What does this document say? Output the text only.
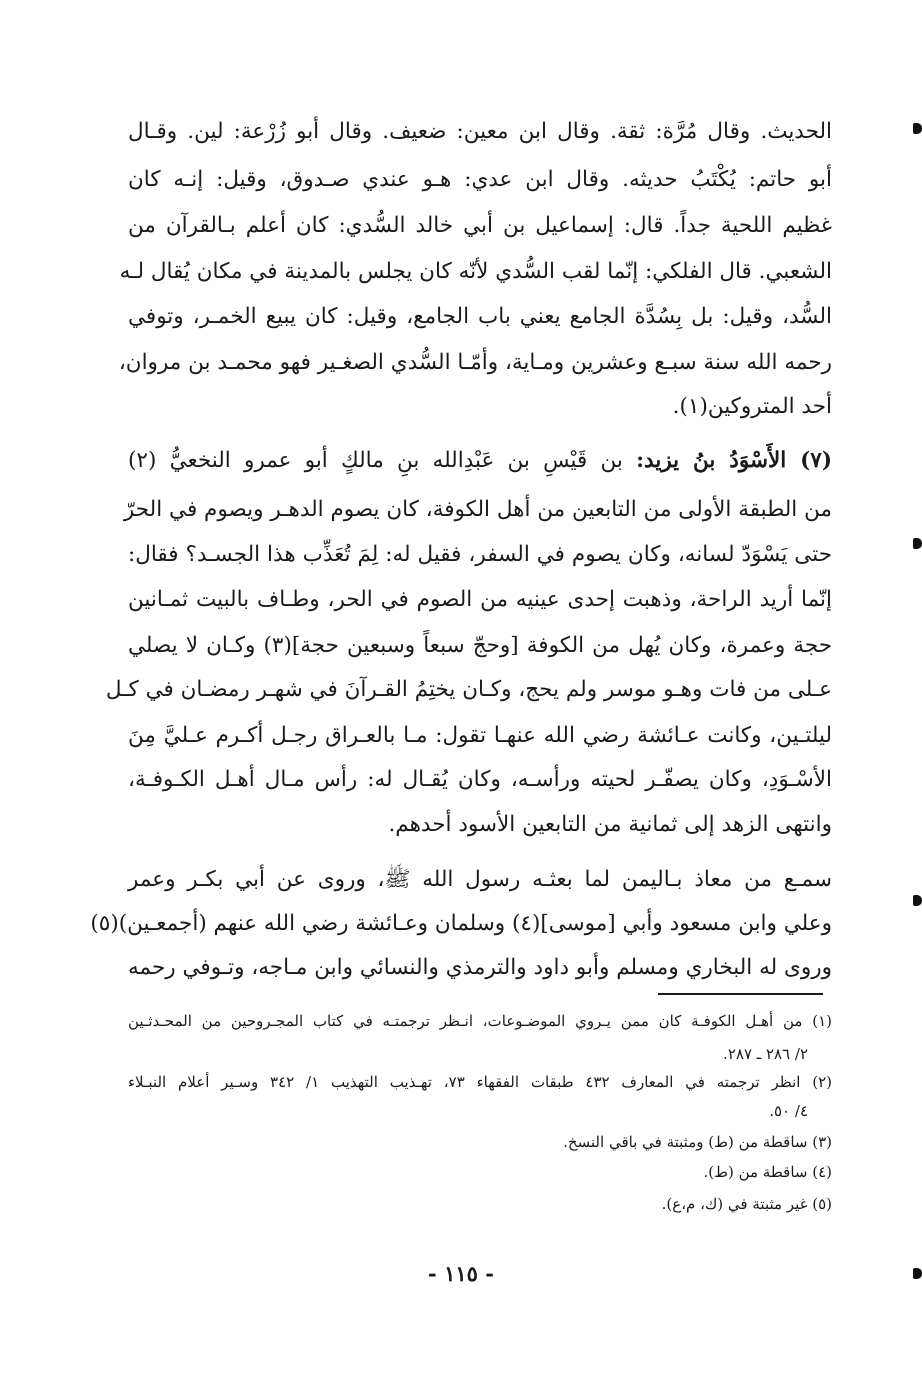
الحديث. وقال مُرَّة: ثقة. وقال ابن معين: ضعيف. وقال أبو زُرْعة: لين. وقـال
أبو حاتم: يُكْتَبُ حديثه. وقال ابن عدي: هـو عندي صـدوق، وقيل: إنـه كان
غظيم اللحية جداً. قال: إسماعيل بن أبي خالد السُّدي: كان أعلم بـالقرآن من
الشعبي. قال الفلكي: إنّما لقب السُّدي لأنّه كان يجلس بالمدينة في مكان يُقال لـه
السُّد، وقيل: بل بِسُدَّة الجامع يعني باب الجامع، وقيل: كان يبيع الخمـر، وتوفي
رحمه الله سنة سبـع وعشرين ومـاية، وأمّـا السُّدي الصغـير فهو محمـد بن مروان،
أحد المتروكين(١).
(٧) الأَسْوَدُ بنُ يزيد: بن قَيْسِ بن عَبْدِالله بنِ مالكٍ أبو عمرو النخعيُّ (٢)
من الطبقة الأولى من التابعين من أهل الكوفة، كان يصوم الدهـر ويصوم في الحرّ
حتى يَسْوَدّ لسانه، وكان يصوم في السفر، فقيل له: لِمَ تُعَذِّب هذا الجسـد؟ فقال:
إنّما أريد الراحة، وذهبت إحدى عينيه من الصوم في الحر، وطـاف بالبيت ثمـانين
حجة وعمرة، وكان يُهل من الكوفة [وحجّ سبعاً وسبعين حجة](٣) وكـان لا يصلي
عـلى من فات وهـو موسر ولم يحج، وكـان يختِمُ القـرآنَ في شهـر رمضـان في كـل
ليلتـين، وكانت عـائشة رضي الله عنهـا تقول: مـا بالعـراق رجـل أكـرم عـليَّ مِنَ
الأسْـوَدِ، وكان يصفّـر لحيته ورأسـه، وكان يُقـال له: رأس مـال أهـل الكـوفـة،
وانتهى الزهد إلى ثمانية من التابعين الأسود أحدهم.
سمـع من معاذ بـاليمن لما بعثـه رسول الله ﷺ، وروى عن أبي بكـر وعمر
وعلي وابن مسعود وأبي [موسى](٤) وسلمان وعـائشة رضي الله عنهم (أجمعـين)(٥)
وروى له البخاري ومسلم وأبو داود والترمذي والنسائي وابن مـاجه، وتـوفي رحمه
(١) من أهـل الكوفـة كان ممن يـروي الموضـوعات، انـظر ترجمتـه في كتاب المجـروحين من المحـدثـين
٢/ ٢٨٦ ـ ٢٨٧.
(٢) انظر ترجمته في المعارف ٤٣٢ طبقات الفقهاء ٧٣، تهـذيب التهذيب ١/ ٣٤٢ وسـير أعلام النبـلاء
٤/ ٥٠.
(٣) ساقطة من (ط) ومثبتة في باقي النسخ.
(٤) ساقطة من (ط).
(٥) غير مثبتة في (ك، م،ع).
- ١١٥ -
